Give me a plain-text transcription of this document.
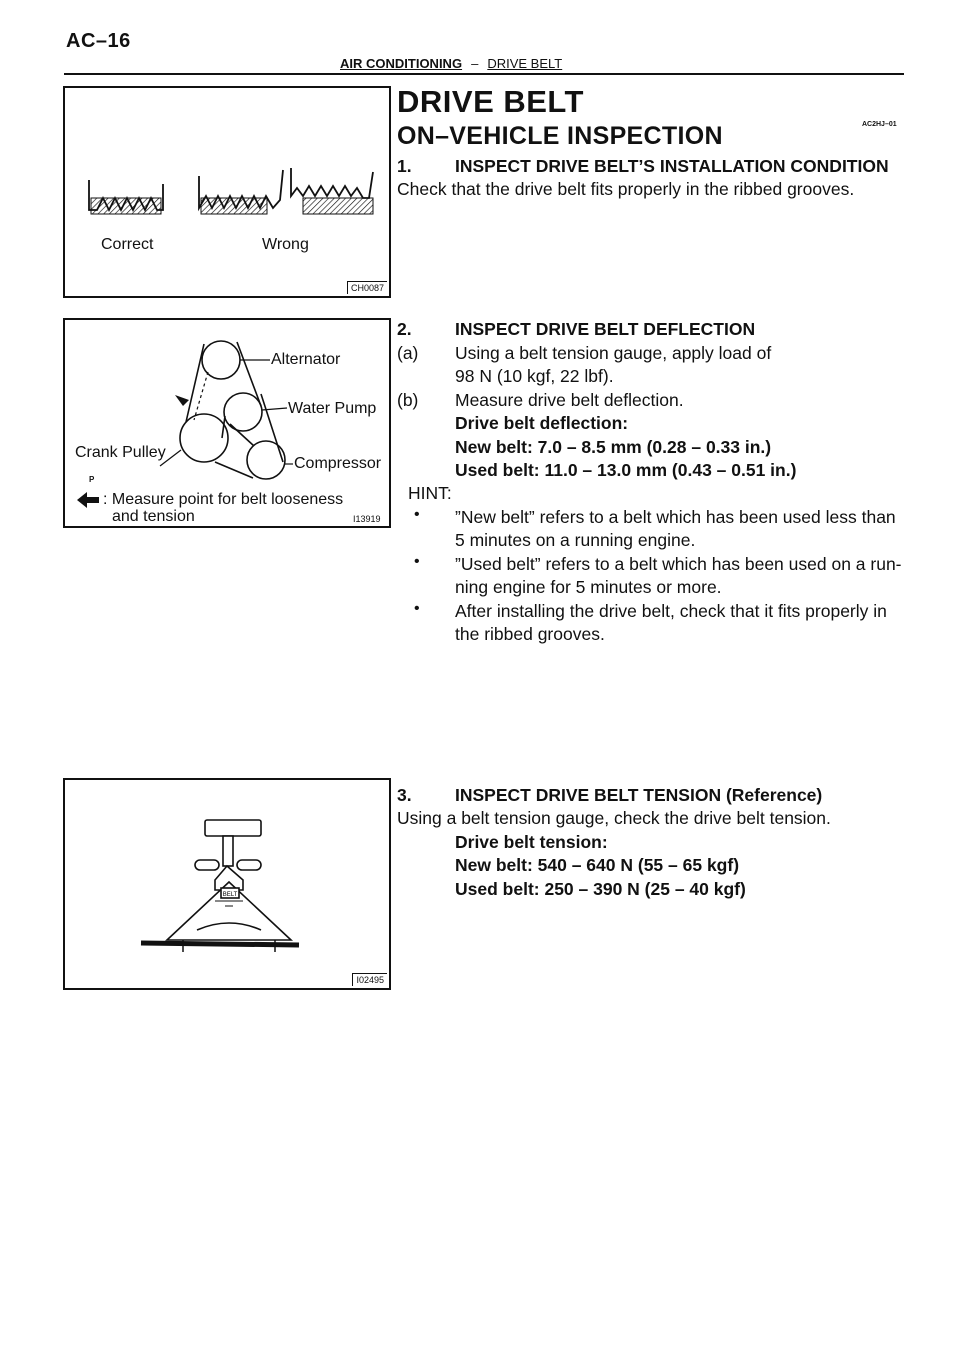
AC–16
AIR CONDITIONING – DRIVE BELT
Correct	Wrong
CH0087
Alternator
Water Pump
Crank Pulley
Compressor
P
: Measure point for belt looseness
and tension	I13919
BELT
I02495
DRIVE BELT
ON–VEHICLE INSPECTION	AC2HJ–01
1. INSPECT DRIVE BELT’S INSTALLATION CONDITION
Check that the drive belt fits properly in the ribbed grooves.
2. INSPECT DRIVE BELT DEFLECTION
(a) Using a belt tension gauge, apply load of
98 N (10 kgf, 22 lbf).
(b) Measure drive belt deflection.
Drive belt deflection:
New belt: 7.0 – 8.5 mm (0.28 – 0.33 in.)
Used belt: 11.0 – 13.0 mm (0.43 – 0.51 in.)
HINT:
• ”New belt” refers to a belt which has been used less than
5 minutes on a running engine.
• ”Used belt” refers to a belt which has been used on a run-
ning engine for 5 minutes or more.
• After installing the drive belt, check that it fits properly in
the ribbed grooves.
3. INSPECT DRIVE BELT TENSION (Reference)
Using a belt tension gauge, check the drive belt tension.
Drive belt tension:
New belt: 540 – 640 N (55 – 65 kgf)
Used belt: 250 – 390 N (25 – 40 kgf)
